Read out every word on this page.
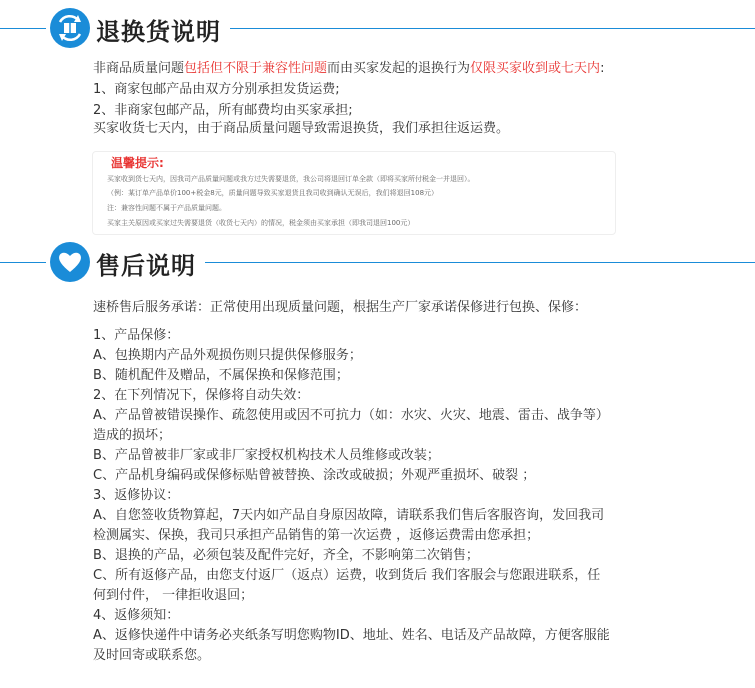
退换货说明
非商品质量问题包括但不限于兼容性问题而由买家发起的退换行为仅限买家收到或七天内:
1、商家包邮产品由双方分别承担发货运费;
2、非商家包邮产品，所有邮费均由买家承担;
买家收货七天内，由于商品质量问题导致需退换货，我们承担往返运费。
温馨提示:
买家收到货七天内，因我司产品质量问题或我方过失需要退货，我公司将退回订单全款（即将买家所付税金一并退回）。
（例：某订单产品单价100+税金8元，质量问题导致买家退货且我司收到确认无误后，我们将退回108元）
注：兼容性问题不属于产品质量问题。
买家主关原因或买家过失需要退货（收货七天内）的情况，税金须由买家承担（即我司退回100元）
售后说明
速桥售后服务承诺：正常使用出现质量问题，根据生产厂家承诺保修进行包换、保修：
1、产品保修：
A、包换期内产品外观损伤则只提供保修服务；
B、随机配件及赠品，不属保换和保修范围；
2、在下列情况下，保修将自动失效：
A、产品曾被错误操作、疏忽使用或因不可抗力（如：水灾、火灾、地震、雷击、战争等）
造成的损坏；
B、产品曾被非厂家或非厂家授权机构技术人员维修或改装；
C、产品机身编码或保修标贴曾被替换、涂改或破损；外观严重损坏、破裂 ；
3、返修协议：
A、自您签收货物算起，7天内如产品自身原因故障，请联系我们售后客服咨询，发回我司
检测属实、保换，我司只承担产品销售的第一次运费 ，返修运费需由您承担；
B、退换的产品，必须包装及配件完好，齐全，不影响第二次销售；
C、所有返修产品，由您支付返厂（返点）运费，收到货后 我们客服会与您跟进联系，任
何到付件， 一律拒收退回；
4、返修须知：
A、返修快递件中请务必夹纸条写明您购物ID、地址、姓名、电话及产品故障，方便客服能
及时回寄或联系您。
